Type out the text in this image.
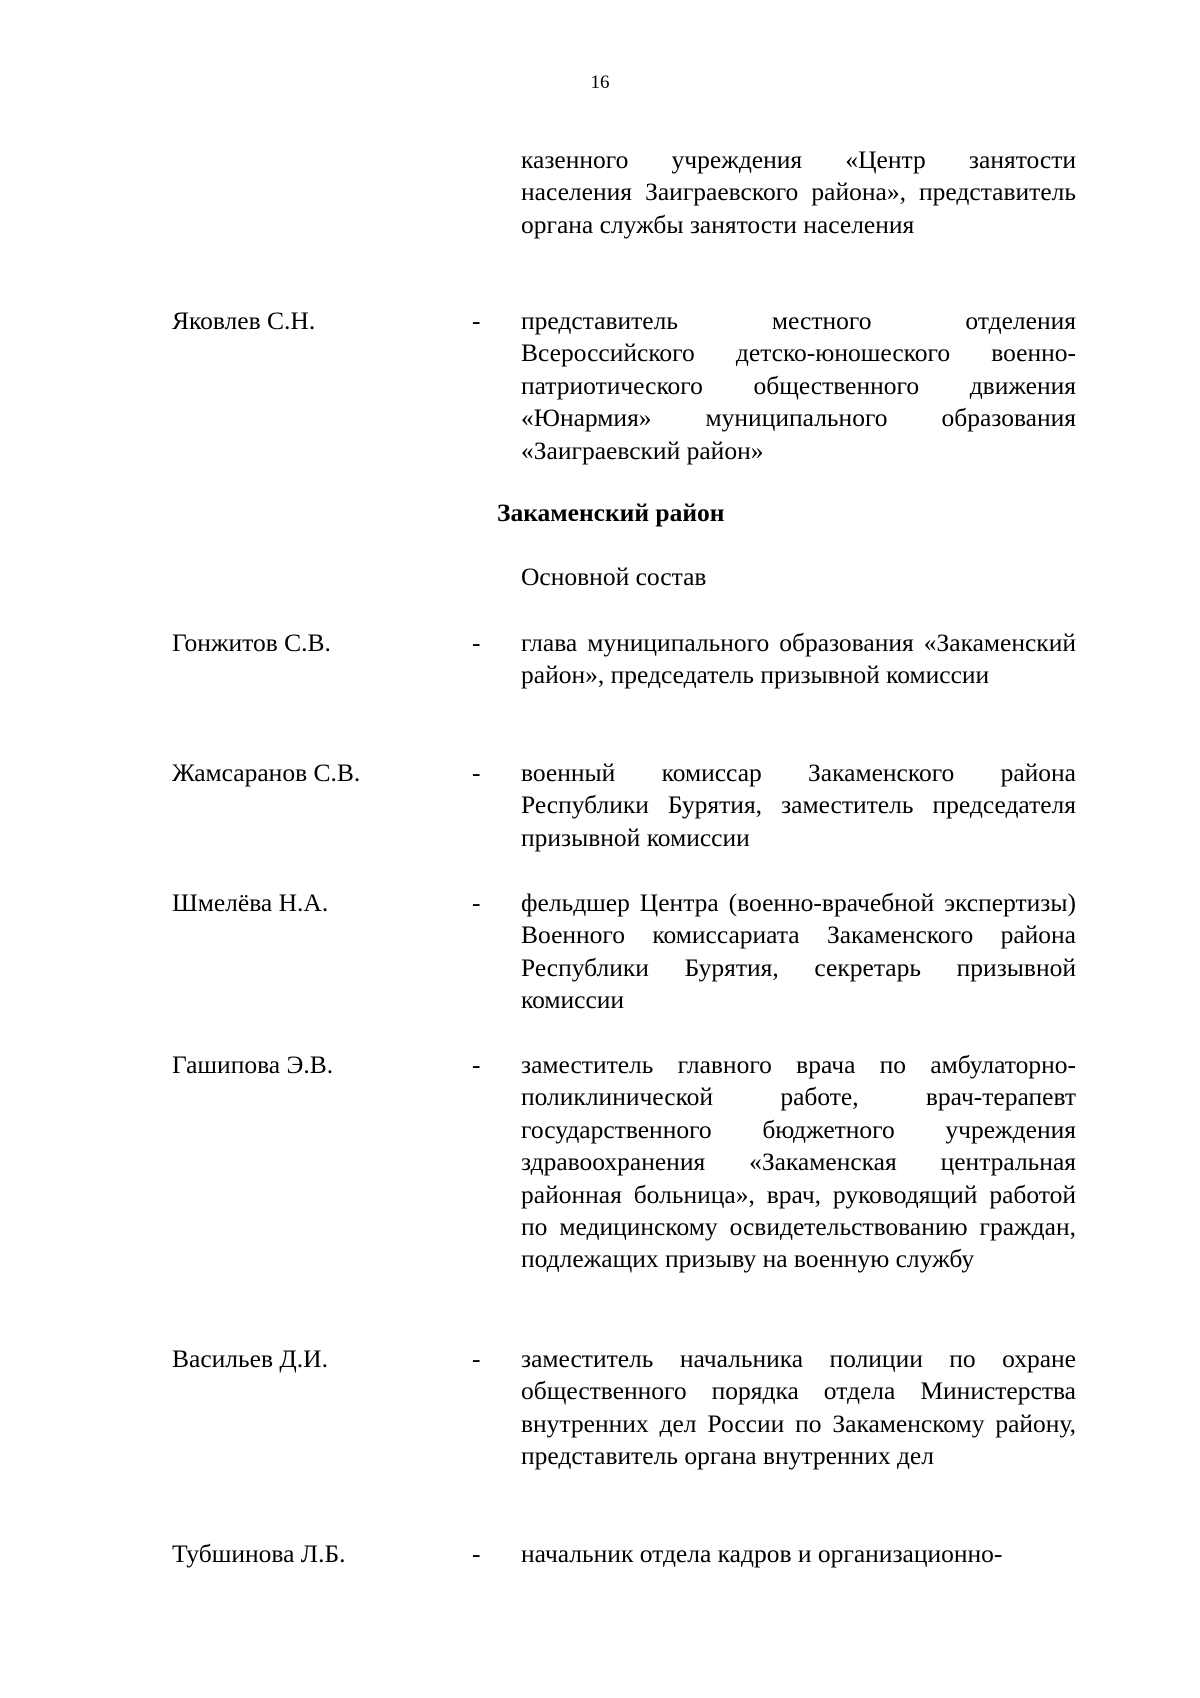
16
казенного учреждения «Центр занятости населения Заиграевского района», представитель органа службы занятости населения
Яковлев С.Н.	- представитель местного отделения Всероссийского детско-юношеского военно-патриотического общественного движения «Юнармия» муниципального образования «Заиграевский район»
Закаменский район
Основной состав
Гонжитов С.В.	- глава муниципального образования «Закаменский район», председатель призывной комиссии
Жамсаранов С.В.	- военный комиссар Закаменского района Республики Бурятия, заместитель председателя призывной комиссии
Шмелёва Н.А.	- фельдшер Центра (военно-врачебной экспертизы) Военного комиссариата Закаменского района Республики Бурятия, секретарь призывной комиссии
Гашипова Э.В.	- заместитель главного врача по амбулаторно-поликлинической работе, врач-терапевт государственного бюджетного учреждения здравоохранения «Закаменская центральная районная больница», врач, руководящий работой по медицинскому освидетельствованию граждан, подлежащих призыву на военную службу
Васильев Д.И.	- заместитель начальника полиции по охране общественного порядка отдела Министерства внутренних дел России по Закаменскому району, представитель органа внутренних дел
Тубшинова Л.Б.	- начальник отдела кадров и организационно-
